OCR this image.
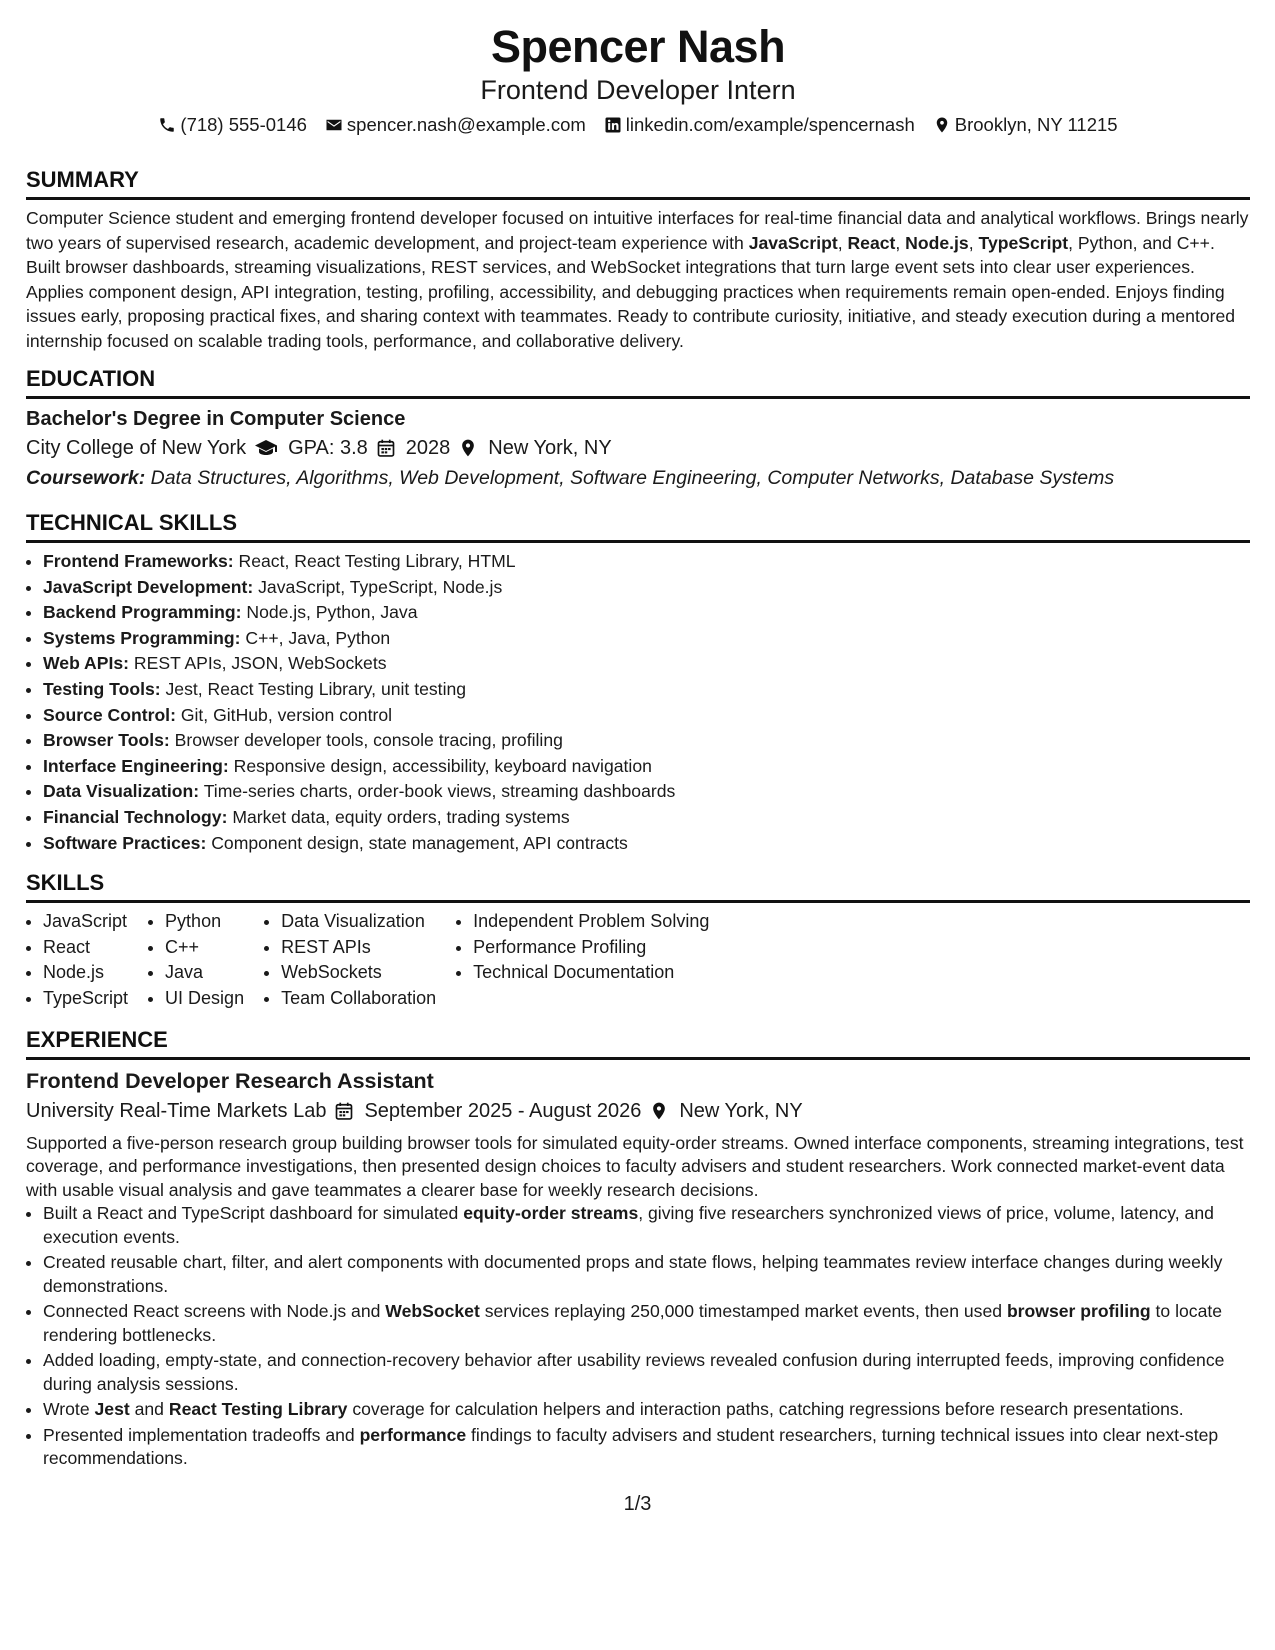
Spencer Nash
Frontend Developer Intern
(718) 555-0146 spencer.nash@example.com linkedin.com/example/spencernash Brooklyn, NY 11215
SUMMARY

Computer Science student and emerging frontend developer focused on intuitive interfaces for real-time financial data and analytical workflows. Brings nearly two years of supervised research, academic development, and project-team experience with JavaScript, React, Node.js, TypeScript, Python, and C++. Built browser dashboards, streaming visualizations, REST services, and WebSocket integrations that turn large event sets into clear user experiences. Applies component design, API integration, testing, profiling, accessibility, and debugging practices when requirements remain open-ended. Enjoys finding issues early, proposing practical fixes, and sharing context with teammates. Ready to contribute curiosity, initiative, and steady execution during a mentored internship focused on scalable trading tools, performance, and collaborative delivery.

EDUCATION
Bachelor's Degree in Computer Science
City College of New York GPA: 3.8 2028 New York, NY
Coursework: Data Structures, Algorithms, Web Development, Software Engineering, Computer Networks, Database Systems
TECHNICAL SKILLS
• Frontend Frameworks: React, React Testing Library, HTML
• JavaScript Development: JavaScript, TypeScript, Node.js
• Backend Programming: Node.js, Python, Java
• Systems Programming: C++, Java, Python
• Web APIs: REST APIs, JSON, WebSockets
• Testing Tools: Jest, React Testing Library, unit testing
• Source Control: Git, GitHub, version control
• Browser Tools: Browser developer tools, console tracing, profiling
• Interface Engineering: Responsive design, accessibility, keyboard navigation
• Data Visualization: Time-series charts, order-book views, streaming dashboards
• Financial Technology: Market data, equity orders, trading systems
• Software Practices: Component design, state management, API contracts
SKILLS
• JavaScript
• React
• Node.js
• TypeScript
• Python
• C++
• Java
• UI Design
• Data Visualization
• REST APIs
• WebSockets
• Team Collaboration
• Independent Problem Solving
• Performance Profiling
• Technical Documentation
EXPERIENCE
Frontend Developer Research Assistant
University Real-Time Markets Lab September 2025 - August 2026 New York, NY

Supported a five-person research group building browser tools for simulated equity-order streams. Owned interface components, streaming integrations, test coverage, and performance investigations, then presented design choices to faculty advisers and student researchers. Work connected market-event data with usable visual analysis and gave teammates a clearer base for weekly research decisions.

• Built a React and TypeScript dashboard for simulated equity-order streams, giving five researchers synchronized views of price, volume, latency, and execution events.
• Created reusable chart, filter, and alert components with documented props and state flows, helping teammates review interface changes during weekly demonstrations.
• Connected React screens with Node.js and WebSocket services replaying 250,000 timestamped market events, then used browser profiling to locate rendering bottlenecks.
• Added loading, empty-state, and connection-recovery behavior after usability reviews revealed confusion during interrupted feeds, improving confidence during analysis sessions.
• Wrote Jest and React Testing Library coverage for calculation helpers and interaction paths, catching regressions before research presentations.
• Presented implementation tradeoffs and performance findings to faculty advisers and student researchers, turning technical issues into clear next-step recommendations.
1/3
